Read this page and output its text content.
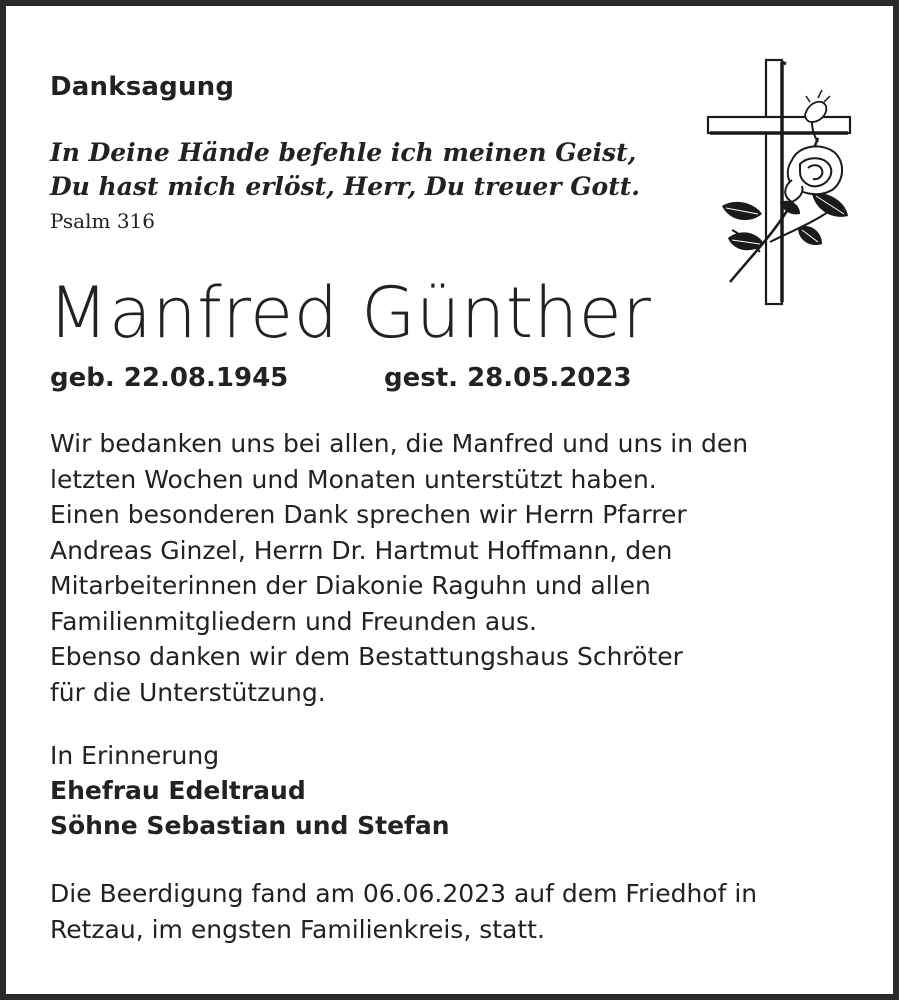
Danksagung
In Deine Hände befehle ich meinen Geist,
Du hast mich erlöst, Herr, Du treuer Gott.
Psalm 316
Manfred Günther
geb. 22.08.1945	gest. 28.05.2023
Wir bedanken uns bei allen, die Manfred und uns in den
letzten Wochen und Monaten unterstützt haben.
Einen besonderen Dank sprechen wir Herrn Pfarrer
Andreas Ginzel, Herrn Dr. Hartmut Hoffmann, den
Mitarbeiterinnen der Diakonie Raguhn und allen
Familienmitgliedern und Freunden aus.
Ebenso danken wir dem Bestattungshaus Schröter
für die Unterstützung.
In Erinnerung
Ehefrau Edeltraud
Söhne Sebastian und Stefan
Die Beerdigung fand am 06.06.2023 auf dem Friedhof in
Retzau, im engsten Familienkreis, statt.
